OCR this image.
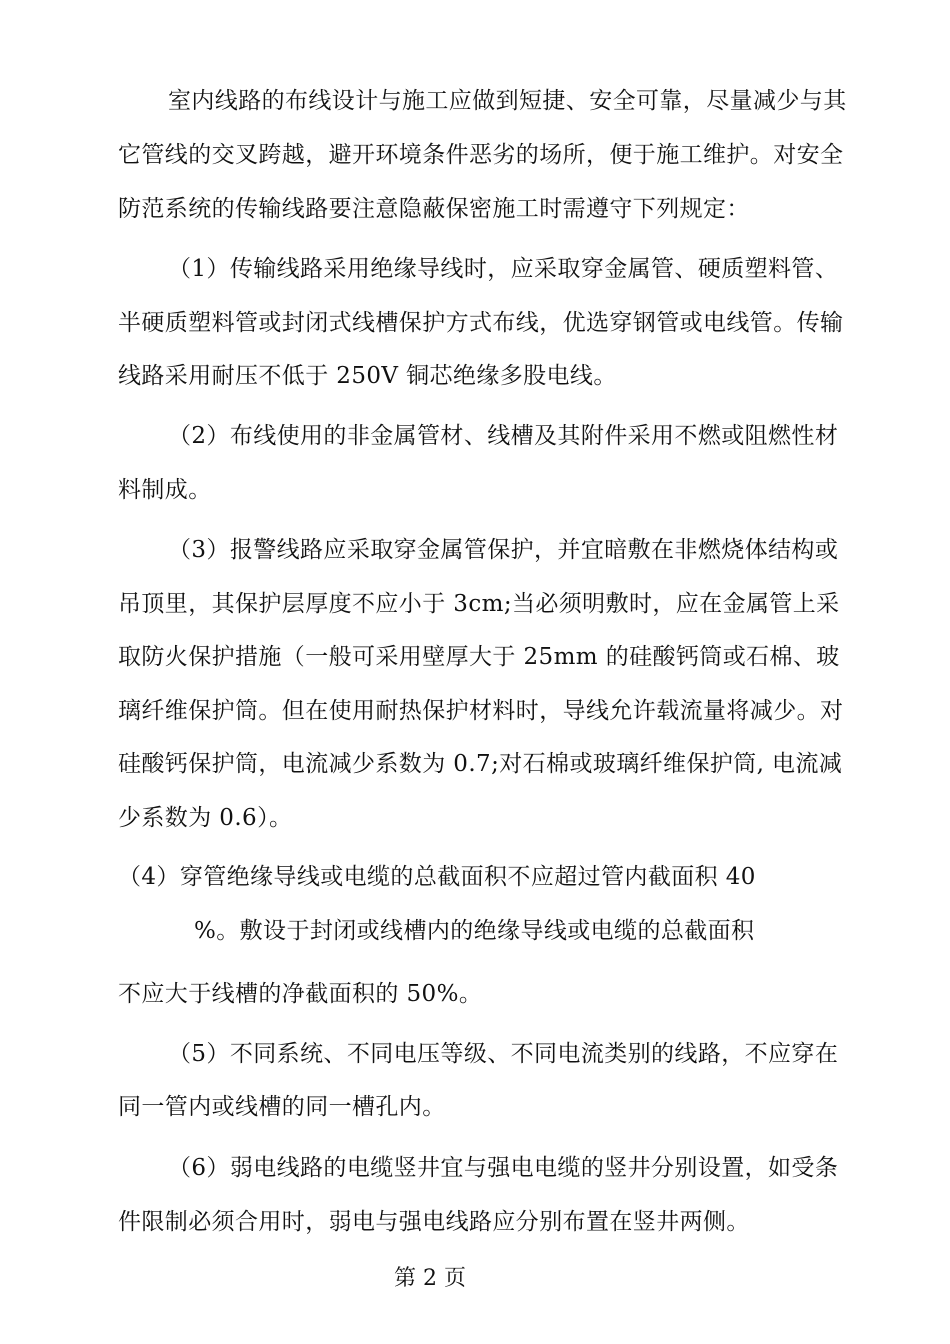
室内线路的布线设计与施工应做到短捷、安全可靠，尽量减少与其
它管线的交叉跨越，避开环境条件恶劣的场所，便于施工维护。对安全
防范系统的传输线路要注意隐蔽保密施工时需遵守下列规定：
（1）传输线路采用绝缘导线时，应采取穿金属管、硬质塑料管、
半硬质塑料管或封闭式线槽保护方式布线，优选穿钢管或电线管。传输
线路采用耐压不低于 250V 铜芯绝缘多股电线。
（2）布线使用的非金属管材、线槽及其附件采用不燃或阻燃性材
料制成。
（3）报警线路应采取穿金属管保护，并宜暗敷在非燃烧体结构或
吊顶里，其保护层厚度不应小于 3cm;当必须明敷时，应在金属管上采
取防火保护措施（一般可采用壁厚大于 25mm 的硅酸钙筒或石棉、玻
璃纤维保护筒。但在使用耐热保护材料时，导线允许载流量将减少。对
硅酸钙保护筒，电流减少系数为 0.7;对石棉或玻璃纤维保护筒, 电流减
少系数为 0.6）。
（4）穿管绝缘导线或电缆的总截面积不应超过管内截面积 40
%。敷设于封闭或线槽内的绝缘导线或电缆的总截面积
不应大于线槽的净截面积的 50%。
（5）不同系统、不同电压等级、不同电流类别的线路，不应穿在
同一管内或线槽的同一槽孔内。
（6）弱电线路的电缆竖井宜与强电电缆的竖井分别设置，如受条
件限制必须合用时，弱电与强电线路应分别布置在竖井两侧。
第 2 页
